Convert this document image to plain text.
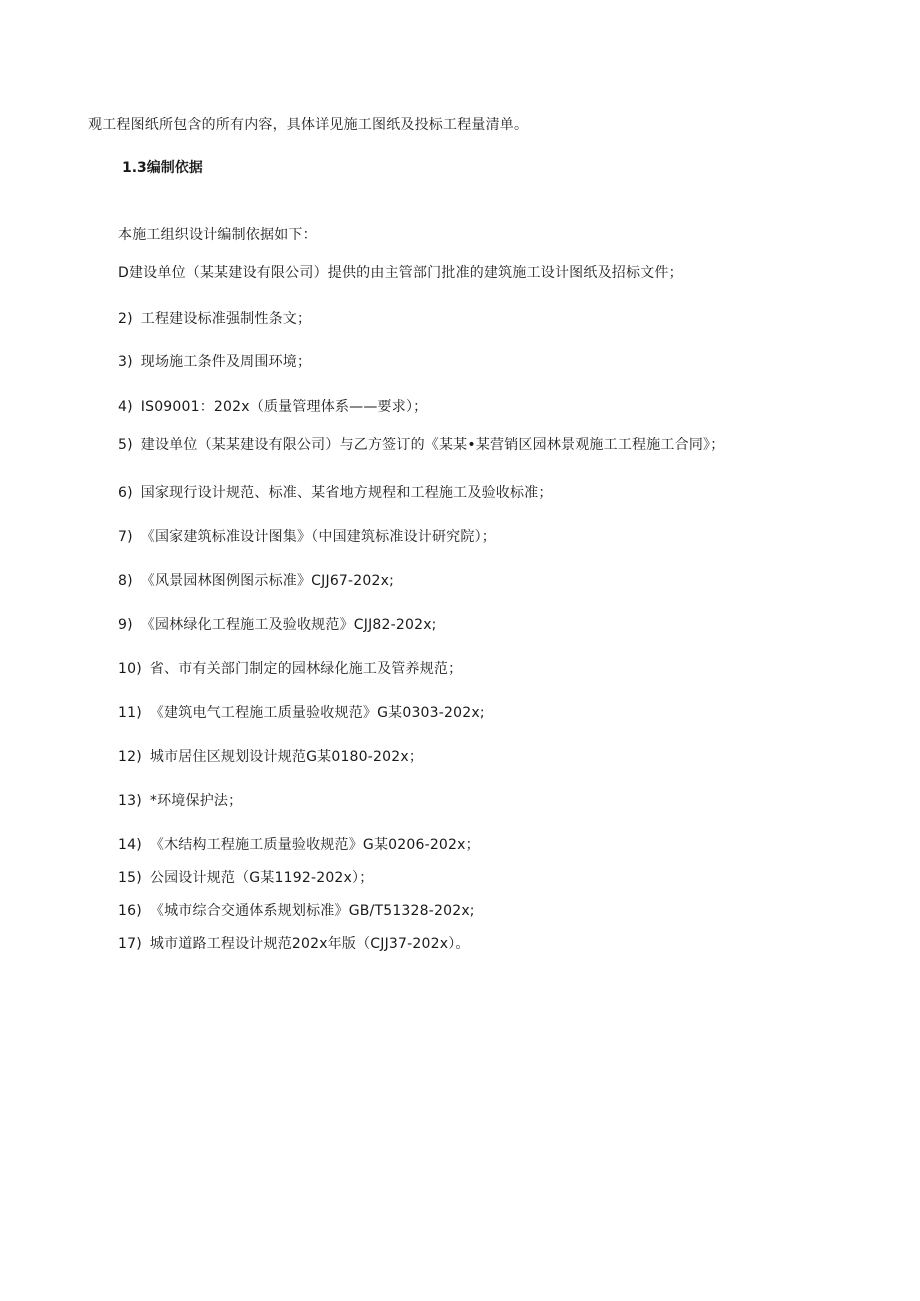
观工程图纸所包含的所有内容，具体详见施工图纸及投标工程量清单。
1.3编制依据
本施工组织设计编制依据如下：
D建设单位（某某建设有限公司）提供的由主管部门批准的建筑施工设计图纸及招标文件；
2) 工程建设标准强制性条文；
3) 现场施工条件及周围环境；
4) IS09001：202x（质量管理体系——要求）；
5) 建设单位（某某建设有限公司）与乙方签订的《某某•某营销区园林景观施工工程施工合同》；
6) 国家现行设计规范、标准、某省地方规程和工程施工及验收标准；
7) 《国家建筑标准设计图集》（中国建筑标准设计研究院）；
8) 《风景园林图例图示标准》CJJ67-202x;
9) 《园林绿化工程施工及验收规范》CJJ82-202x;
10) 省、市有关部门制定的园林绿化施工及管养规范；
11) 《建筑电气工程施工质量验收规范》G某0303-202x;
12) 城市居住区规划设计规范G某0180-202x；
13) *环境保护法；
14) 《木结构工程施工质量验收规范》G某0206-202x；
15) 公园设计规范（G某1192-202x）；
16) 《城市综合交通体系规划标准》GB/T51328-202x;
17) 城市道路工程设计规范202x年版（CJJ37-202x）。
